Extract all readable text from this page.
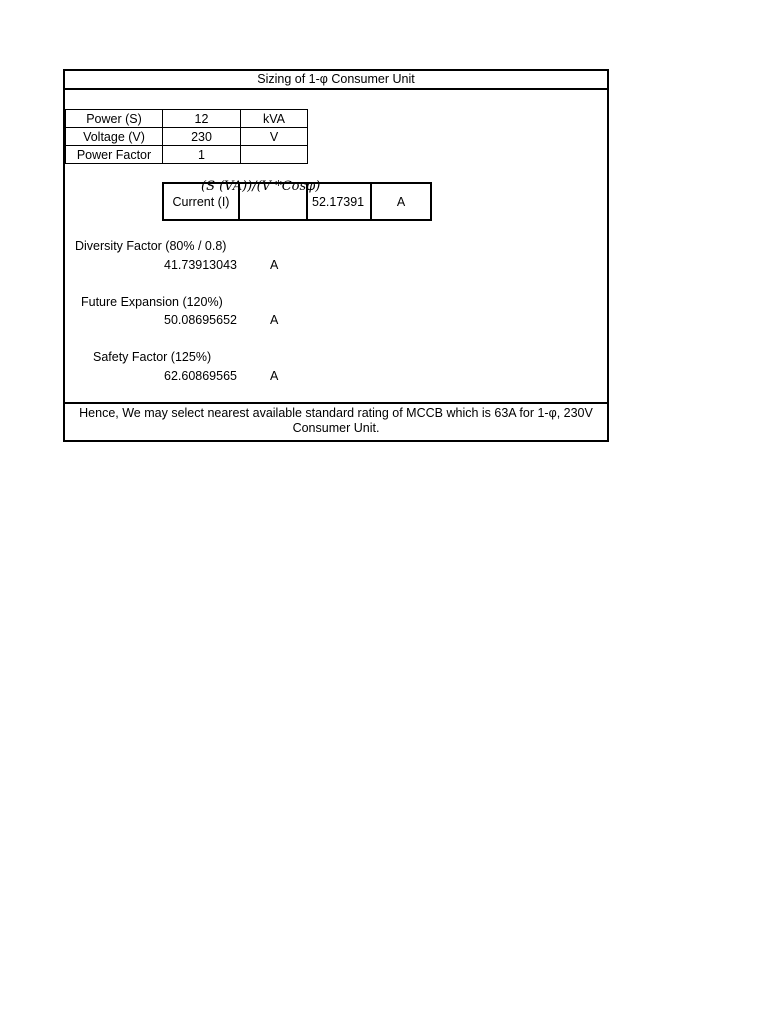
Sizing of 1-φ Consumer Unit
Power (S)	12	kVA
Voltage (V)	230	V
Power Factor	1	
(S (VA))/(V *Cosφ)
Current (I)		52.17391	A
Diversity Factor (80% / 0.8)
41.73913043	A
Future Expansion (120%)
50.08695652	A
Safety Factor (125%)
62.60869565	A
Hence, We may select nearest available standard rating of MCCB which is 63A for 1-φ, 230V
Consumer Unit.
